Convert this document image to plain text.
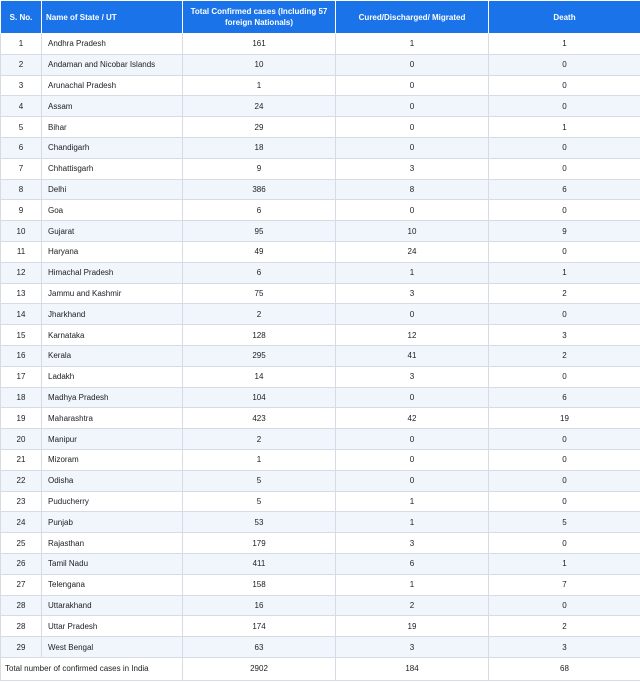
S. No.	Name of State / UT	Total Confirmed cases (Including 57 foreign Nationals)	Cured/Discharged/ Migrated	Death
1	Andhra Pradesh	161	1	1
2	Andaman and Nicobar Islands	10	0	0
3	Arunachal Pradesh	1	0	0
4	Assam	24	0	0
5	Bihar	29	0	1
6	Chandigarh	18	0	0
7	Chhattisgarh	9	3	0
8	Delhi	386	8	6
9	Goa	6	0	0
10	Gujarat	95	10	9
11	Haryana	49	24	0
12	Himachal Pradesh	6	1	1
13	Jammu and Kashmir	75	3	2
14	Jharkhand	2	0	0
15	Karnataka	128	12	3
16	Kerala	295	41	2
17	Ladakh	14	3	0
18	Madhya Pradesh	104	0	6
19	Maharashtra	423	42	19
20	Manipur	2	0	0
21	Mizoram	1	0	0
22	Odisha	5	0	0
23	Puducherry	5	1	0
24	Punjab	53	1	5
25	Rajasthan	179	3	0
26	Tamil Nadu	411	6	1
27	Telengana	158	1	7
28	Uttarakhand	16	2	0
28	Uttar Pradesh	174	19	2
29	West Bengal	63	3	3
Total number of confirmed cases in India		2902	184	68
